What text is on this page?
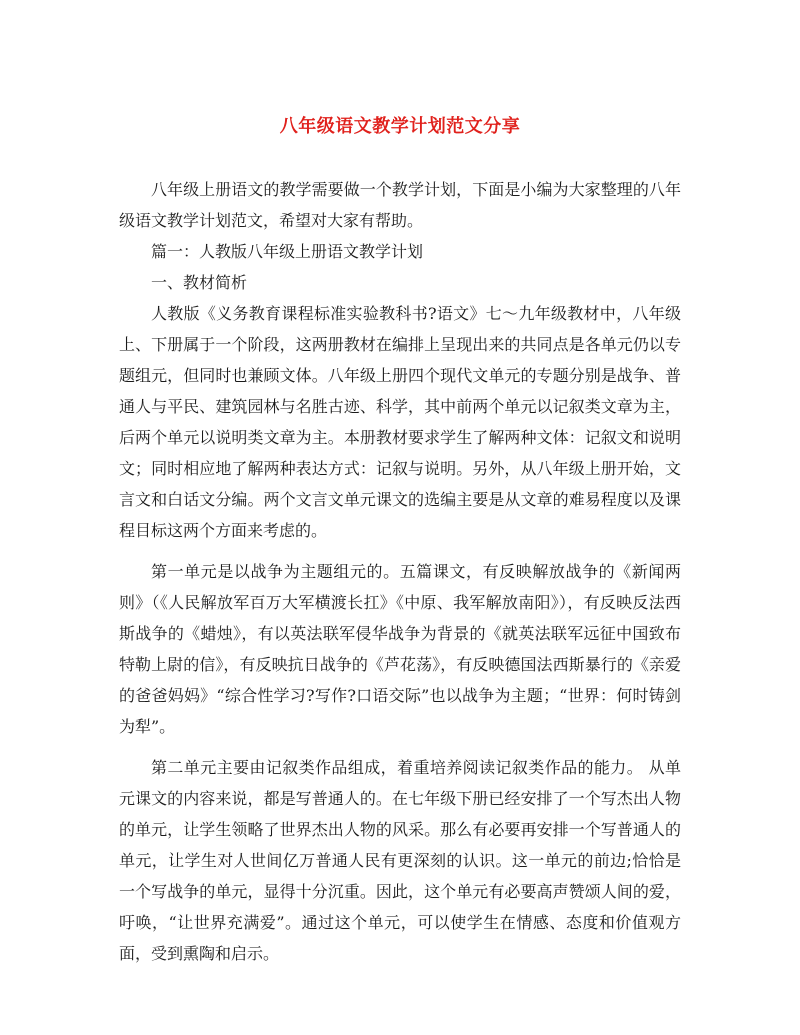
八年级语文教学计划范文分享

八年级上册语文的教学需要做一个教学计划，下面是小编为大家整理的八年级语文教学计划范文，希望对大家有帮助。

篇一：人教版八年级上册语文教学计划

一、教材简析

人教版《义务教育课程标准实验教科书?语文》七～九年级教材中，八年级上、下册属于一个阶段，这两册教材在编排上呈现出来的共同点是各单元仍以专题组元，但同时也兼顾文体。八年级上册四个现代文单元的专题分别是战争、普通人与平民、建筑园林与名胜古迹、科学，其中前两个单元以记叙类文章为主，后两个单元以说明类文章为主。本册教材要求学生了解两种文体：记叙文和说明文；同时相应地了解两种表达方式：记叙与说明。另外，从八年级上册开始，文言文和白话文分编。两个文言文单元课文的选编主要是从文章的难易程度以及课程目标这两个方面来考虑的。

第一单元是以战争为主题组元的。五篇课文，有反映解放战争的《新闻两则》（《人民解放军百万大军横渡长扛》《中原、我军解放南阳》），有反映反法西斯战争的《蜡烛》，有以英法联军侵华战争为背景的《就英法联军远征中国致布特勒上尉的信》，有反映抗日战争的《芦花荡》，有反映德国法西斯暴行的《亲爱的爸爸妈妈》“综合性学习?写作?口语交际”也以战争为主题；“世界：何时铸剑为犁”。

第二单元主要由记叙类作品组成，着重培养阅读记叙类作品的能力。 从单元课文的内容来说，都是写普通人的。在七年级下册已经安排了一个写杰出人物的单元，让学生领略了世界杰出人物的风采。那么有必要再安排一个写普通人的单元，让学生对人世间亿万普通人民有更深刻的认识。这一单元的前边;恰恰是一个写战争的单元，显得十分沉重。因此，这个单元有必要高声赞颂人间的爱，吁唤，“让世界充满爱”。通过这个单元，可以使学生在情感、态度和价值观方面，受到熏陶和启示。
